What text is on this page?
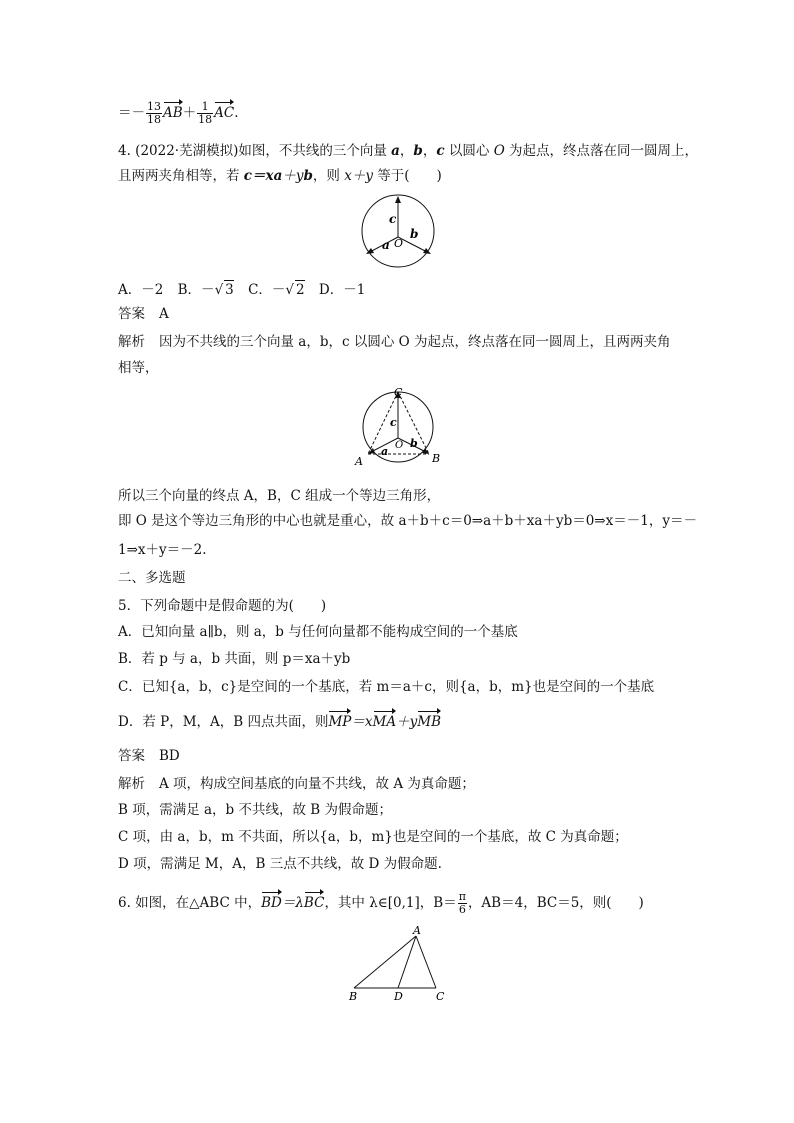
＝－ $\frac{13}{18} AB+ \frac{1}{18}$ AC.
4. (2022·芜湖模拟)如图，不共线的三个向量 a，b，c 以圆心 O 为起点，终点落在同一圆周上，
且两两夹角相等，若 c＝xa＋yb，则 x＋y 等于(　　)
c
b
a O
A．－2 B．－√ 3 C．－√ 2 D．－1
答案 A
解析 因为不共线的三个向量 a，b，c 以圆心 O 为起点，终点落在同一圆周上，且两两夹角
相等，
C
A	B
c
a
b
O
所以三个向量的终点 A，B，C 组成一个等边三角形，
即 O 是这个等边三角形的中心也就是重心，故 a＋b＋c＝0⇒a＋b＋xa＋yb＝0⇒x＝－1，y＝－
1⇒x＋y＝－2.
二、多选题
5．下列命题中是假命题的为(　　)
A．已知向量 a∥b，则 a，b 与任何向量都不能构成空间的一个基底
B．若 p 与 a，b 共面，则 p＝xa＋yb
C．已知{a，b，c}是空间的一个基底，若 m＝a＋c，则{a，b，m}也是空间的一个基底
D．若 P，M，A，B 四点共面，则MP＝xMA＋yMB
答案 BD
解析 A 项，构成空间基底的向量不共线，故 A 为真命题；
B 项，需满足 a，b 不共线，故 B 为假命题；
C 项，由 a，b，m 不共面，所以{a，b，m}也是空间的一个基底，故 C 为真命题；
D 项，需满足 M，A，B 三点不共线，故 D 为假命题.
6. 如图，在△ABC 中，BD＝λBC，其中 λ∈[0,1]，$B= \frac{\pi}{6}$ ，AB＝4，BC＝5，则(　　)
A
B	D	C
